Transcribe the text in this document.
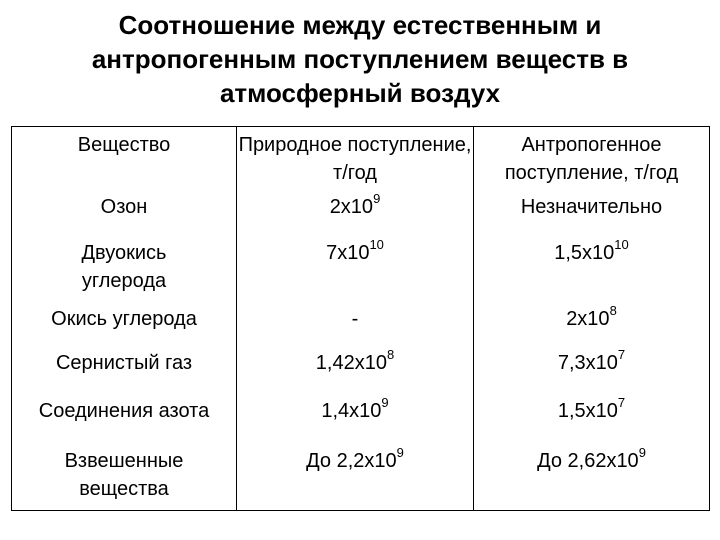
Соотношение между естественным и
антропогенным поступлением веществ в
атмосферный воздух
Вещество	Природное поступление, т/год	Антропогенное поступление, т/год
Озон	$2x10^9$	Незначительно

Двуокись углерода	$7x10^{10}$	$1,5x10^{10}$
Окись углерода	-	$2x10^8$
Сернистый газ	$1,42x10^8$	$7,3x10^7$
Соединения азота	$1,4x10^9$	$1,5x10^7$

Взвешенные вещества	До $2,2x10^9$	До $2,62x10^9$
